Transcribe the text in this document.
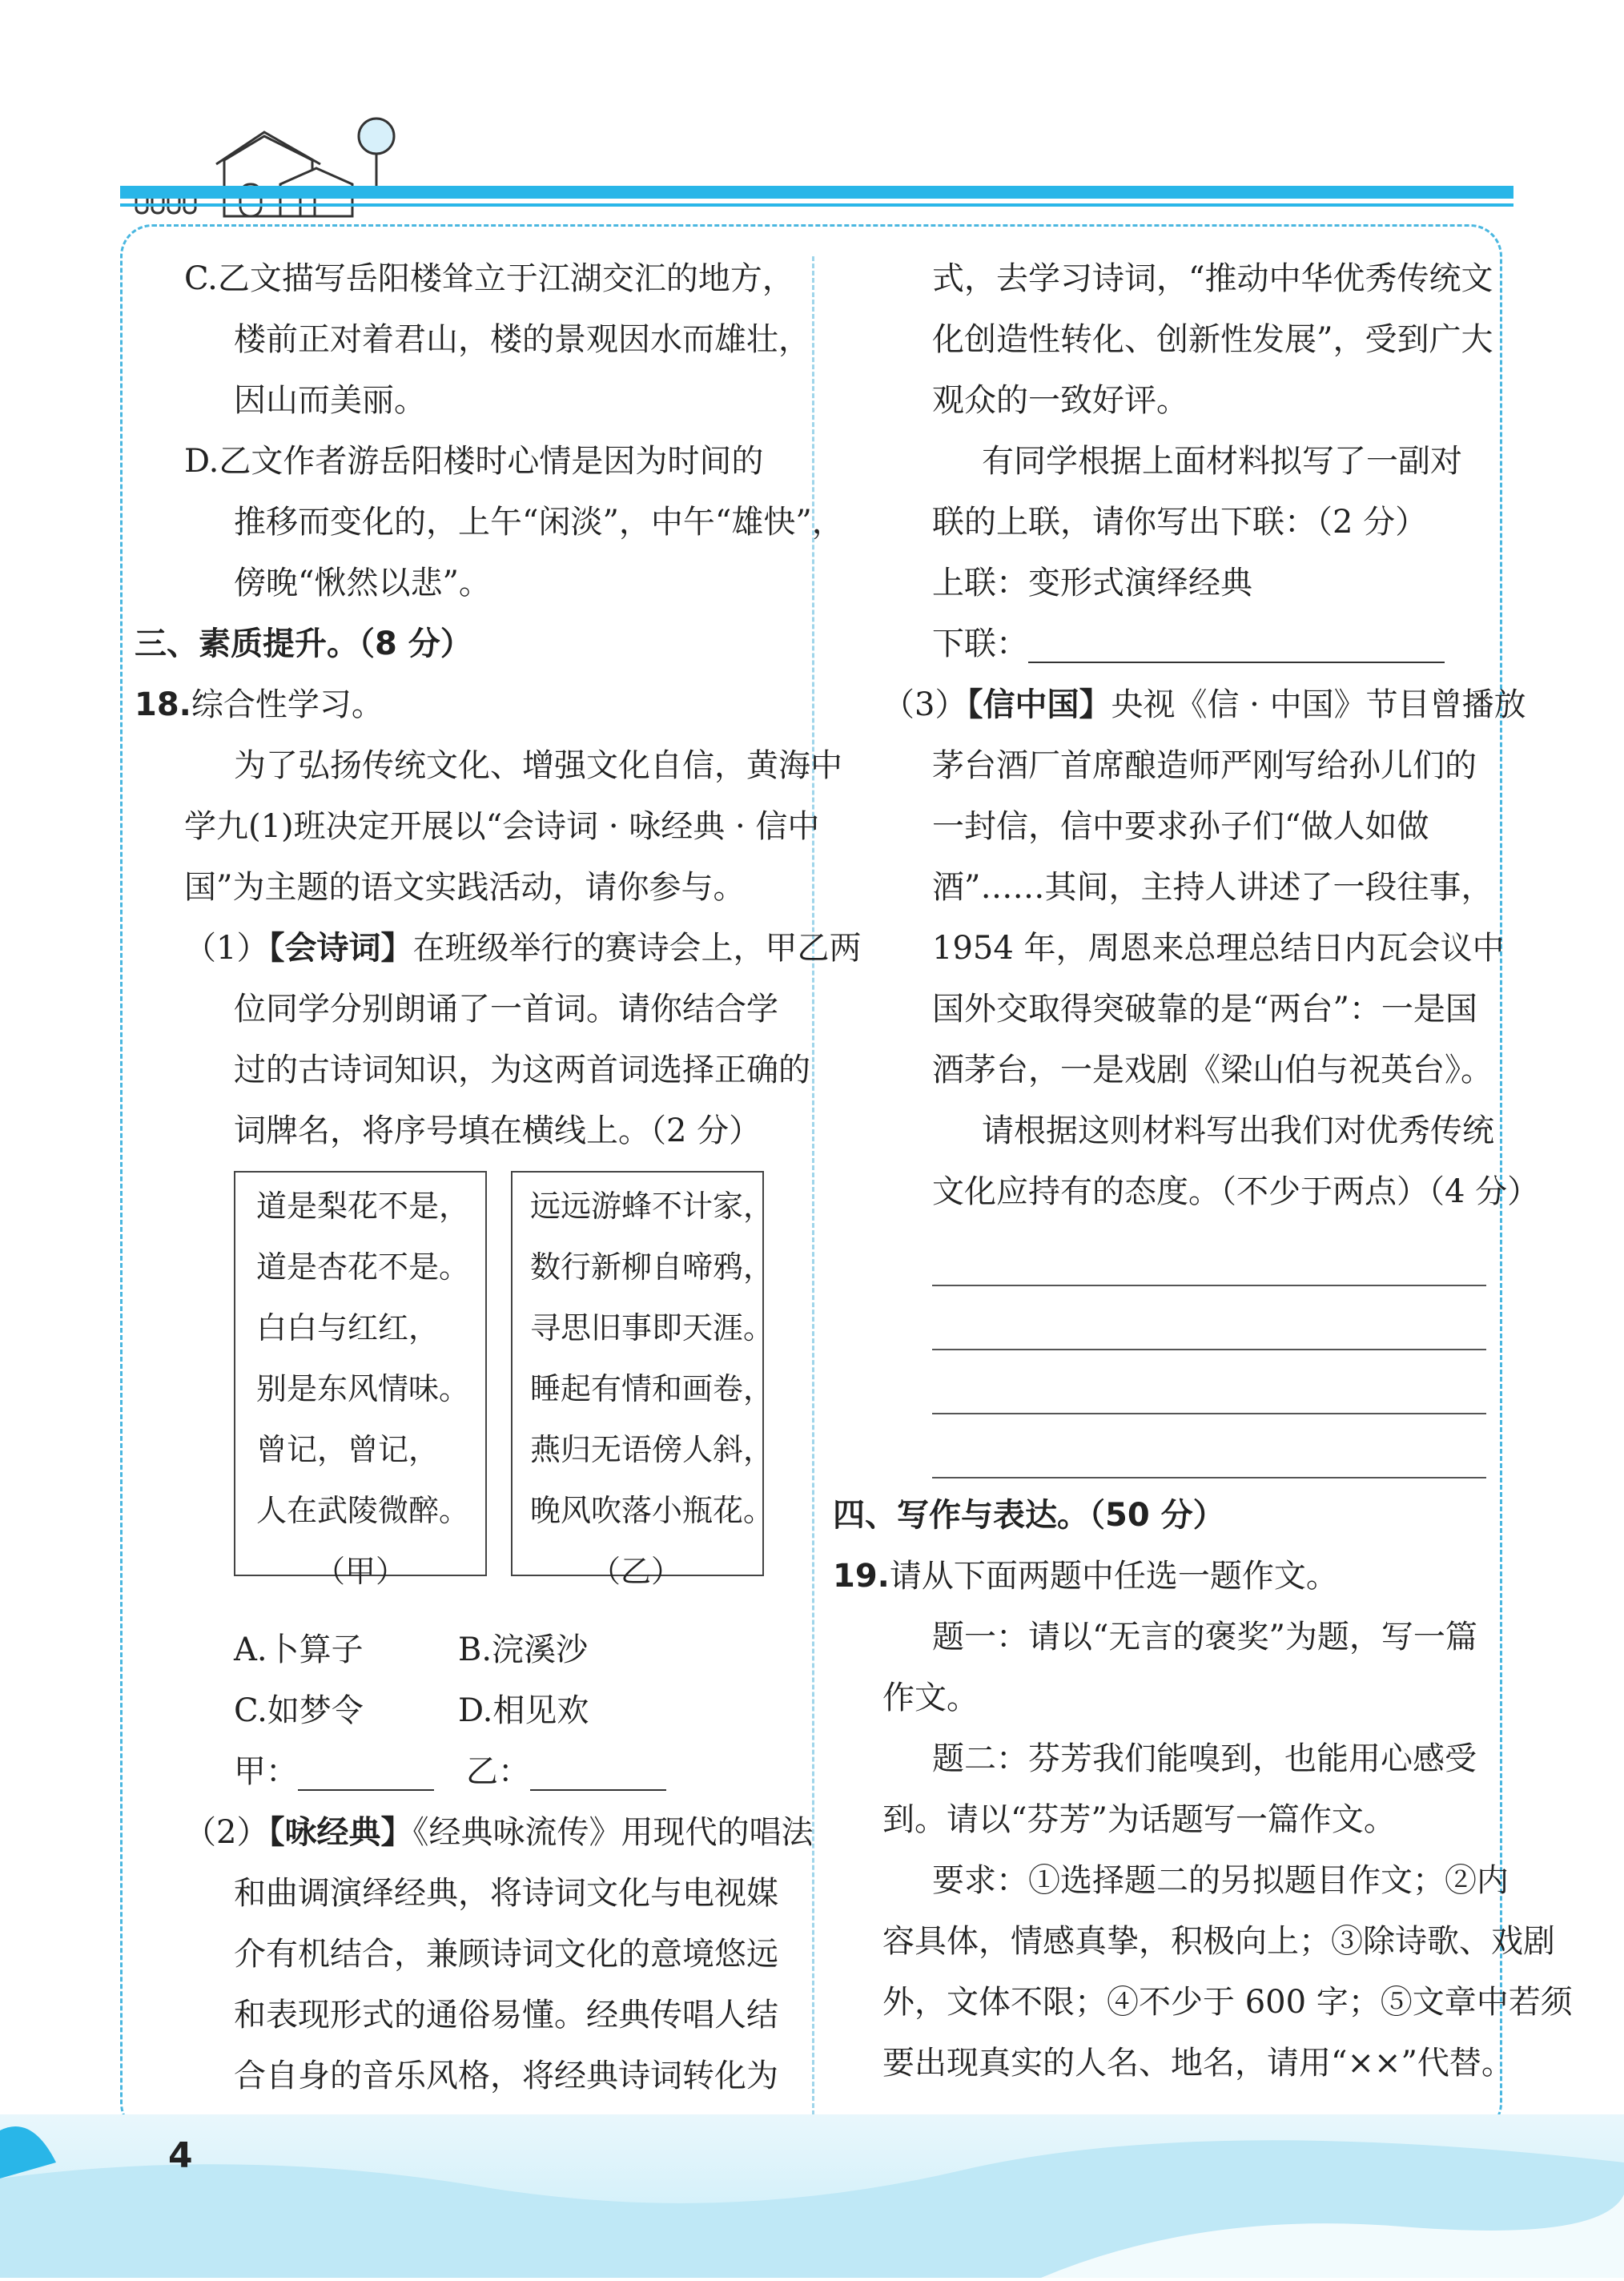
C.乙文描写岳阳楼耸立于江湖交汇的地方，

楼前正对着君山，楼的景观因水而雄壮，

因山而美丽。

D.乙文作者游岳阳楼时心情是因为时间的

推移而变化的，上午“闲淡”，中午“雄快”，

傍晚“愀然以悲”。

三、素质提升。（8 分）

18.综合性学习。

为了弘扬传统文化、增强文化自信，黄海中

学九(1)班决定开展以“会诗词 · 咏经典 · 信中

国”为主题的语文实践活动，请你参与。

（1）【会诗词】在班级举行的赛诗会上，甲乙两

位同学分别朗诵了一首词。请你结合学

过的古诗词知识，为这两首词选择正确的

词牌名，将序号填在横线上。（2 分）

道是梨花不是，

道是杏花不是。

白白与红红，

别是东风情味。

曾记，曾记，

人在武陵微醉。

（甲）

远远游蜂不计家，

数行新柳自啼鸦，

寻思旧事即天涯。

睡起有情和画卷，

燕归无语傍人斜，

晚风吹落小瓶花。

（乙）

A.卜算子	B.浣溪沙

C.如梦令	D.相见欢

甲：	乙：

（2）【咏经典】《经典咏流传》用现代的唱法

和曲调演绎经典，将诗词文化与电视媒

介有机结合，兼顾诗词文化的意境悠远

和表现形式的通俗易懂。经典传唱人结

合自身的音乐风格，将经典诗词转化为

式，去学习诗词，“推动中华优秀传统文

化创造性转化、创新性发展”，受到广大

观众的一致好评。

有同学根据上面材料拟写了一副对

联的上联，请你写出下联：（2 分）

上联：变形式演绎经典

下联：

（3）【信中国】央视《信 · 中国》节目曾播放

茅台酒厂首席酿造师严刚写给孙儿们的

一封信，信中要求孙子们“做人如做

酒”……其间，主持人讲述了一段往事，

1954 年，周恩来总理总结日内瓦会议中

国外交取得突破靠的是“两台”：一是国

酒茅台，一是戏剧《梁山伯与祝英台》。

请根据这则材料写出我们对优秀传统

文化应持有的态度。（不少于两点）（4 分）

四、写作与表达。（50 分）

19.请从下面两题中任选一题作文。

题一：请以“无言的褒奖”为题，写一篇

作文。

题二：芬芳我们能嗅到，也能用心感受

到。请以“芬芳”为话题写一篇作文。

要求：①选择题二的另拟题目作文；②内

容具体，情感真挚，积极向上；③除诗歌、戏剧

外，文体不限；④不少于 600 字；⑤文章中若须

要出现真实的人名、地名，请用“××”代替。

4
